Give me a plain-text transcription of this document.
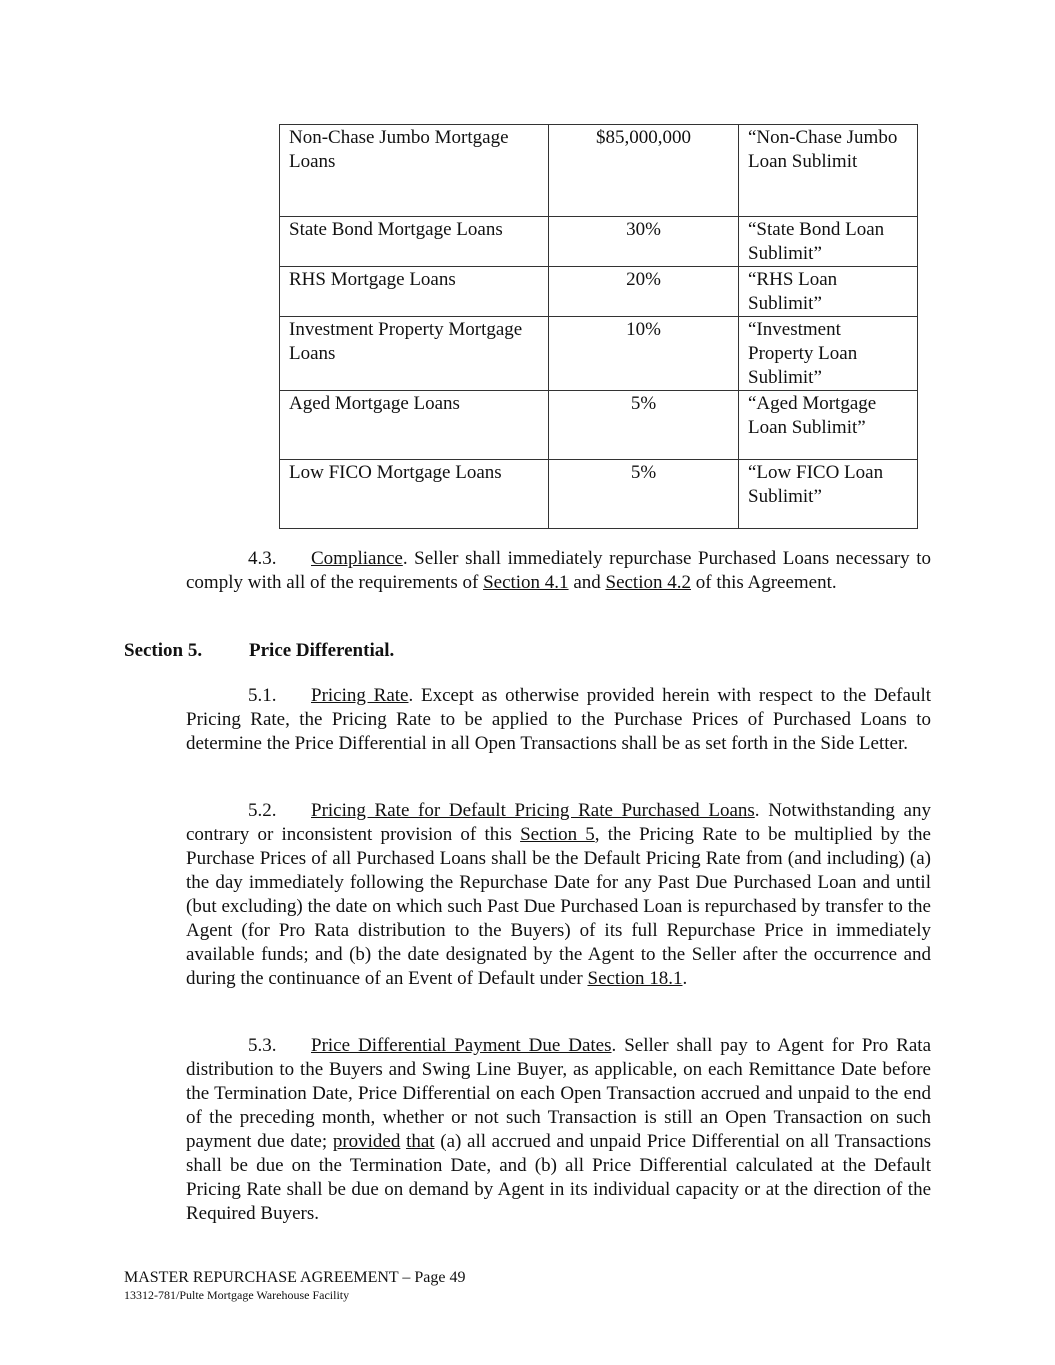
Non-Chase Jumbo Mortgage Loans	$85,000,000	“Non-Chase Jumbo Loan Sublimit
State Bond Mortgage Loans	30%	“State Bond Loan Sublimit”
RHS Mortgage Loans	20%	“RHS Loan Sublimit”
Investment Property Mortgage Loans	10%	“Investment Property Loan Sublimit”
Aged Mortgage Loans	5%	“Aged Mortgage Loan Sublimit”
Low FICO Mortgage Loans	5%	“Low FICO Loan Sublimit”

4.3. Compliance. Seller shall immediately repurchase Purchased Loans necessary to comply with all of the requirements of Section 4.1 and Section 4.2 of this Agreement.

Section 5. Price Differential.

5.1. Pricing Rate. Except as otherwise provided herein with respect to the Default Pricing Rate, the Pricing Rate to be applied to the Purchase Prices of Purchased Loans to determine the Price Differential in all Open Transactions shall be as set forth in the Side Letter.

5.2. Pricing Rate for Default Pricing Rate Purchased Loans. Notwithstanding any contrary or inconsistent provision of this Section 5, the Pricing Rate to be multiplied by the Purchase Prices of all Purchased Loans shall be the Default Pricing Rate from (and including) (a) the day immediately following the Repurchase Date for any Past Due Purchased Loan and until (but excluding) the date on which such Past Due Purchased Loan is repurchased by transfer to the Agent (for Pro Rata distribution to the Buyers) of its full Repurchase Price in immediately available funds; and (b) the date designated by the Agent to the Seller after the occurrence and during the continuance of an Event of Default under Section 18.1.

5.3. Price Differential Payment Due Dates. Seller shall pay to Agent for Pro Rata distribution to the Buyers and Swing Line Buyer, as applicable, on each Remittance Date before the Termination Date, Price Differential on each Open Transaction accrued and unpaid to the end of the preceding month, whether or not such Transaction is still an Open Transaction on such payment due date; provided that (a) all accrued and unpaid Price Differential on all Transactions shall be due on the Termination Date, and (b) all Price Differential calculated at the Default Pricing Rate shall be due on demand by Agent in its individual capacity or at the direction of the Required Buyers.

MASTER REPURCHASE AGREEMENT – Page 49
13312-781/Pulte Mortgage Warehouse Facility
